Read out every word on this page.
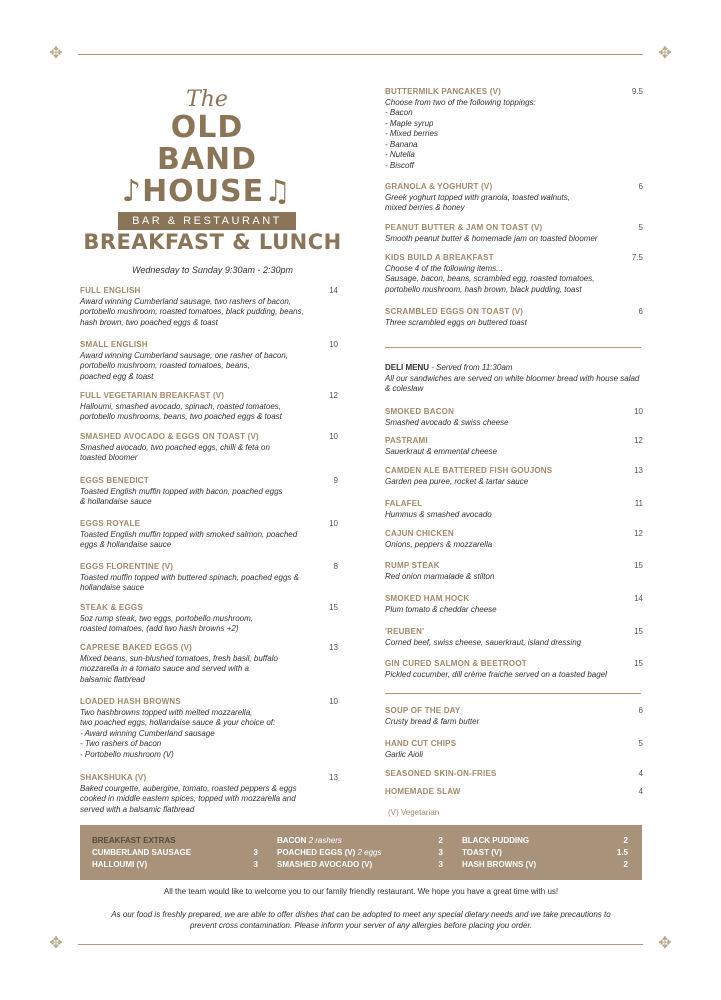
✥	✥
✥	✥
The
OLD BAND
♪HOUSE♫
BAR & RESTAURANT
BREAKFAST & LUNCH
Wednesday to Sunday 9:30am - 2:30pm
FULL ENGLISH	14
Award winning Cumberland sausage, two rashers of bacon,
portobello mushroom, roasted tomatoes, black pudding, beans,
hash brown, two poached eggs & toast
SMALL ENGLISH	10
Award winning Cumberland sausage, one rasher of bacon,
portobello mushroom, roasted tomatoes, beans,
poached egg & toast
FULL VEGETARIAN BREAKFAST (V)	12
Halloumi, smashed avocado, spinach, roasted tomatoes,
portobello mushrooms, beans, two poached eggs & toast
SMASHED AVOCADO & EGGS ON TOAST (V)	10
Smashed avocado, two poached eggs, chilli & feta on
toasted bloomer
EGGS BENEDICT	9
Toasted English muffin topped with bacon, poached eggs
& hollandaise sauce
EGGS ROYALE	10
Toasted English muffin topped with smoked salmon, poached
eggs & hollandaise sauce
EGGS FLORENTINE (V)	8
Toasted muffin topped with buttered spinach, poached eggs &
hollandaise sauce
STEAK & EGGS	15
5oz rump steak, two eggs, portobello mushroom,
roasted tomatoes, (add two hash browns +2)
CAPRESE BAKED EGGS (V)	13
Mixed beans, sun-blushed tomatoes, fresh basil, buffalo
mozzarella in a tomato sauce and served with a
balsamic flatbread
LOADED HASH BROWNS	10
Two hashbrowns topped with melted mozzarella,
two poached eggs, hollandaise sauce & your choice of:
- Award winning Cumberland sausage
- Two rashers of bacon
- Portobello mushroom (V)
SHAKSHUKA (V)	13
Baked courgette, aubergine, tomato, roasted peppers & eggs
cooked in middle eastern spices, topped with mozzarella and
served with a balsamic flatbread
BUTTERMILK PANCAKES (V)	9.5
Choose from two of the following toppings:
- Bacon
- Maple syrup
- Mixed berries
- Banana
- Nutella
- Biscoff
GRANOLA & YOGHURT (V)	6
Greek yoghurt topped with granola, toasted walnuts,
mixed berries & honey
PEANUT BUTTER & JAM ON TOAST (V)	5
Smooth peanut butter & homemade jam on toasted bloomer
KIDS BUILD A BREAKFAST	7.5
Choose 4 of the following items...
Sausage, bacon, beans, scrambled egg, roasted tomatoes,
portobello mushroom, hash brown, black pudding, toast
SCRAMBLED EGGS ON TOAST (V)	6
Three scrambled eggs on buttered toast
DELI MENU - Served from 11:30am
All our sandwiches are served on white bloomer bread with house salad & coleslaw
SMOKED BACON	10
Smashed avocado & swiss cheese
PASTRAMI	12
Sauerkraut & emmental cheese
CAMDEN ALE BATTERED FISH GOUJONS	13
Garden pea puree, rocket & tartar sauce
FALAFEL	11
Hummus & smashed avocado
CAJUN CHICKEN	12
Onions, peppers & mozzarella
RUMP STEAK	15
Red onion marmalade & stilton
SMOKED HAM HOCK	14
Plum tomato & cheddar cheese
'REUBEN'	15
Corned beef, swiss cheese, sauerkraut, island dressing
GIN CURED SALMON & BEETROOT	15
Pickled cucumber, dill crème fraiche served on a toasted bagel
SOUP OF THE DAY	6
Crusty bread & farm butter
HAND CUT CHIPS	5
Garlic Aioli
SEASONED SKIN-ON-FRIES	4
HOMEMADE SLAW	4
(V) Vegetarian
BREAKFAST EXTRAS
CUMBERLAND SAUSAGE	3
HALLOUMI (V)	3
BACON 2 rashers	2
POACHED EGGS (V) 2 eggs	3
SMASHED AVOCADO (V)	3
BLACK PUDDING	2
TOAST (V)	1.5
HASH BROWNS (V)	2
All the team would like to welcome you to our family friendly restaurant. We hope you have a great time with us!
As our food is freshly prepared, we are able to offer dishes that can be adopted to meet any special dietary needs and we take precautions to prevent cross contamination. Please inform your server of any allergies before placing you order.
